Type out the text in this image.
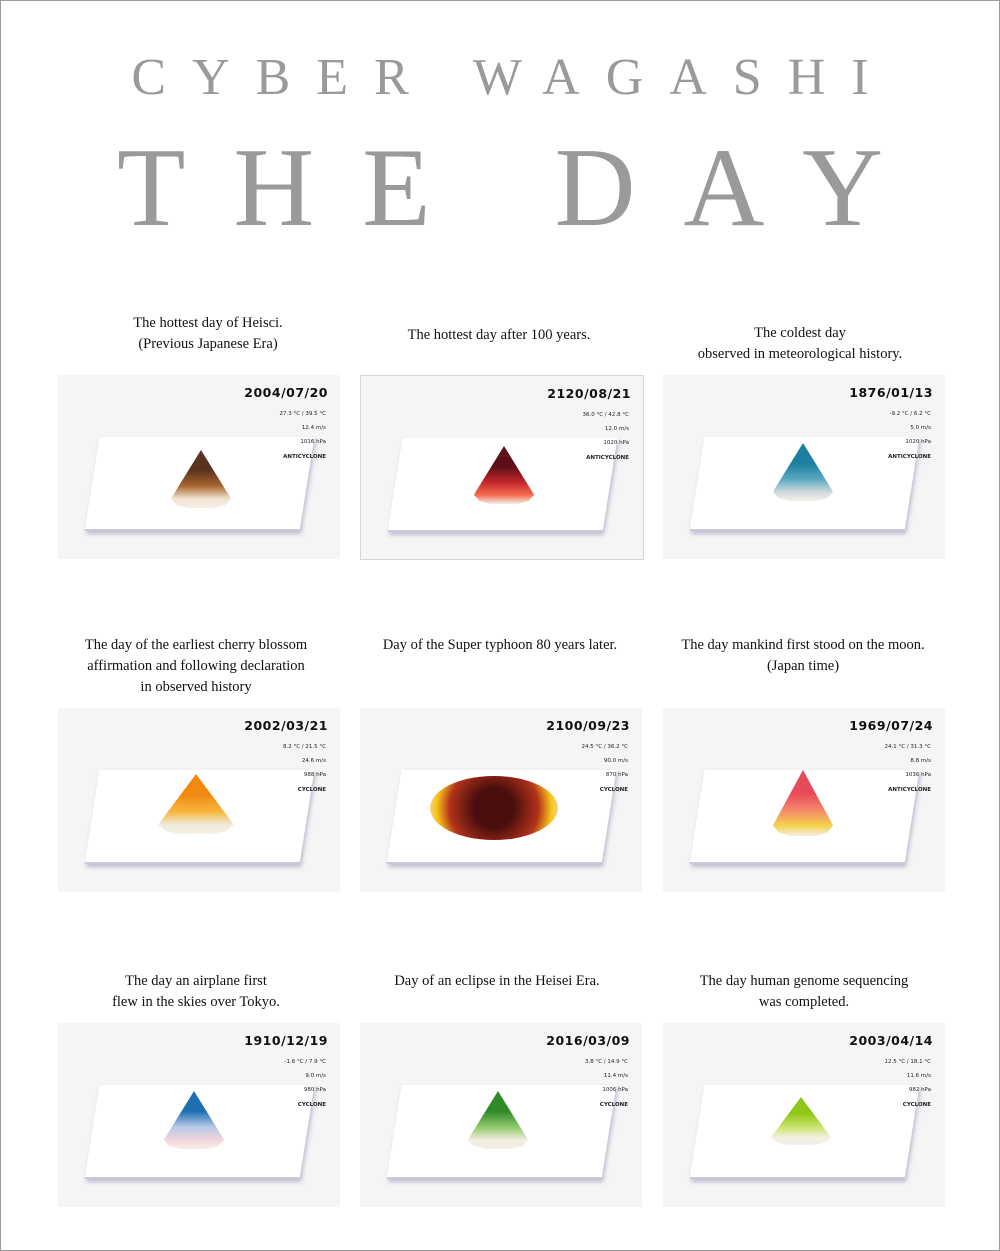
CYBER WAGASHI
THE DAY
The hottest day of Heisci.
(Previous Japanese Era)
The hottest day after 100 years.	The coldest day
observed in meteorological history.
2004/07/20
27.3 °C / 39.5 °C
12.4 m/s
1016 hPa
ANTICYCLONE
2120/08/21
36.0 °C / 42.8 °C
12.0 m/s
1020 hPa
ANTICYCLONE
1876/01/13
-9.2 °C / 6.2 °C
5.0 m/s
1020 hPa
ANTICYCLONE
The day of the earliest cherry blossom
affirmation and following declaration
in observed history
Day of the Super typhoon 80 years later.	The day mankind first stood on the moon.
(Japan time)
2002/03/21
8.2 °C / 21.5 °C
24.6 m/s
988 hPa
CYCLONE
2100/09/23
24.5 °C / 36.2 °C
90.0 m/s
870 hPa
CYCLONE
1969/07/24
24.1 °C / 31.3 °C
8.8 m/s
1036 hPa
ANTICYCLONE
The day an airplane first
flew in the skies over Tokyo.
Day of an eclipse in the Heisei Era.	The day human genome sequencing
was completed.
1910/12/19
-1.6 °C / 7.9 °C
9.0 m/s
980 hPa
CYCLONE
2016/03/09
3.8 °C / 14.9 °C
11.4 m/s
1006 hPa
CYCLONE
2003/04/14
12.5 °C / 18.1 °C
11.6 m/s
982 hPa
CYCLONE
